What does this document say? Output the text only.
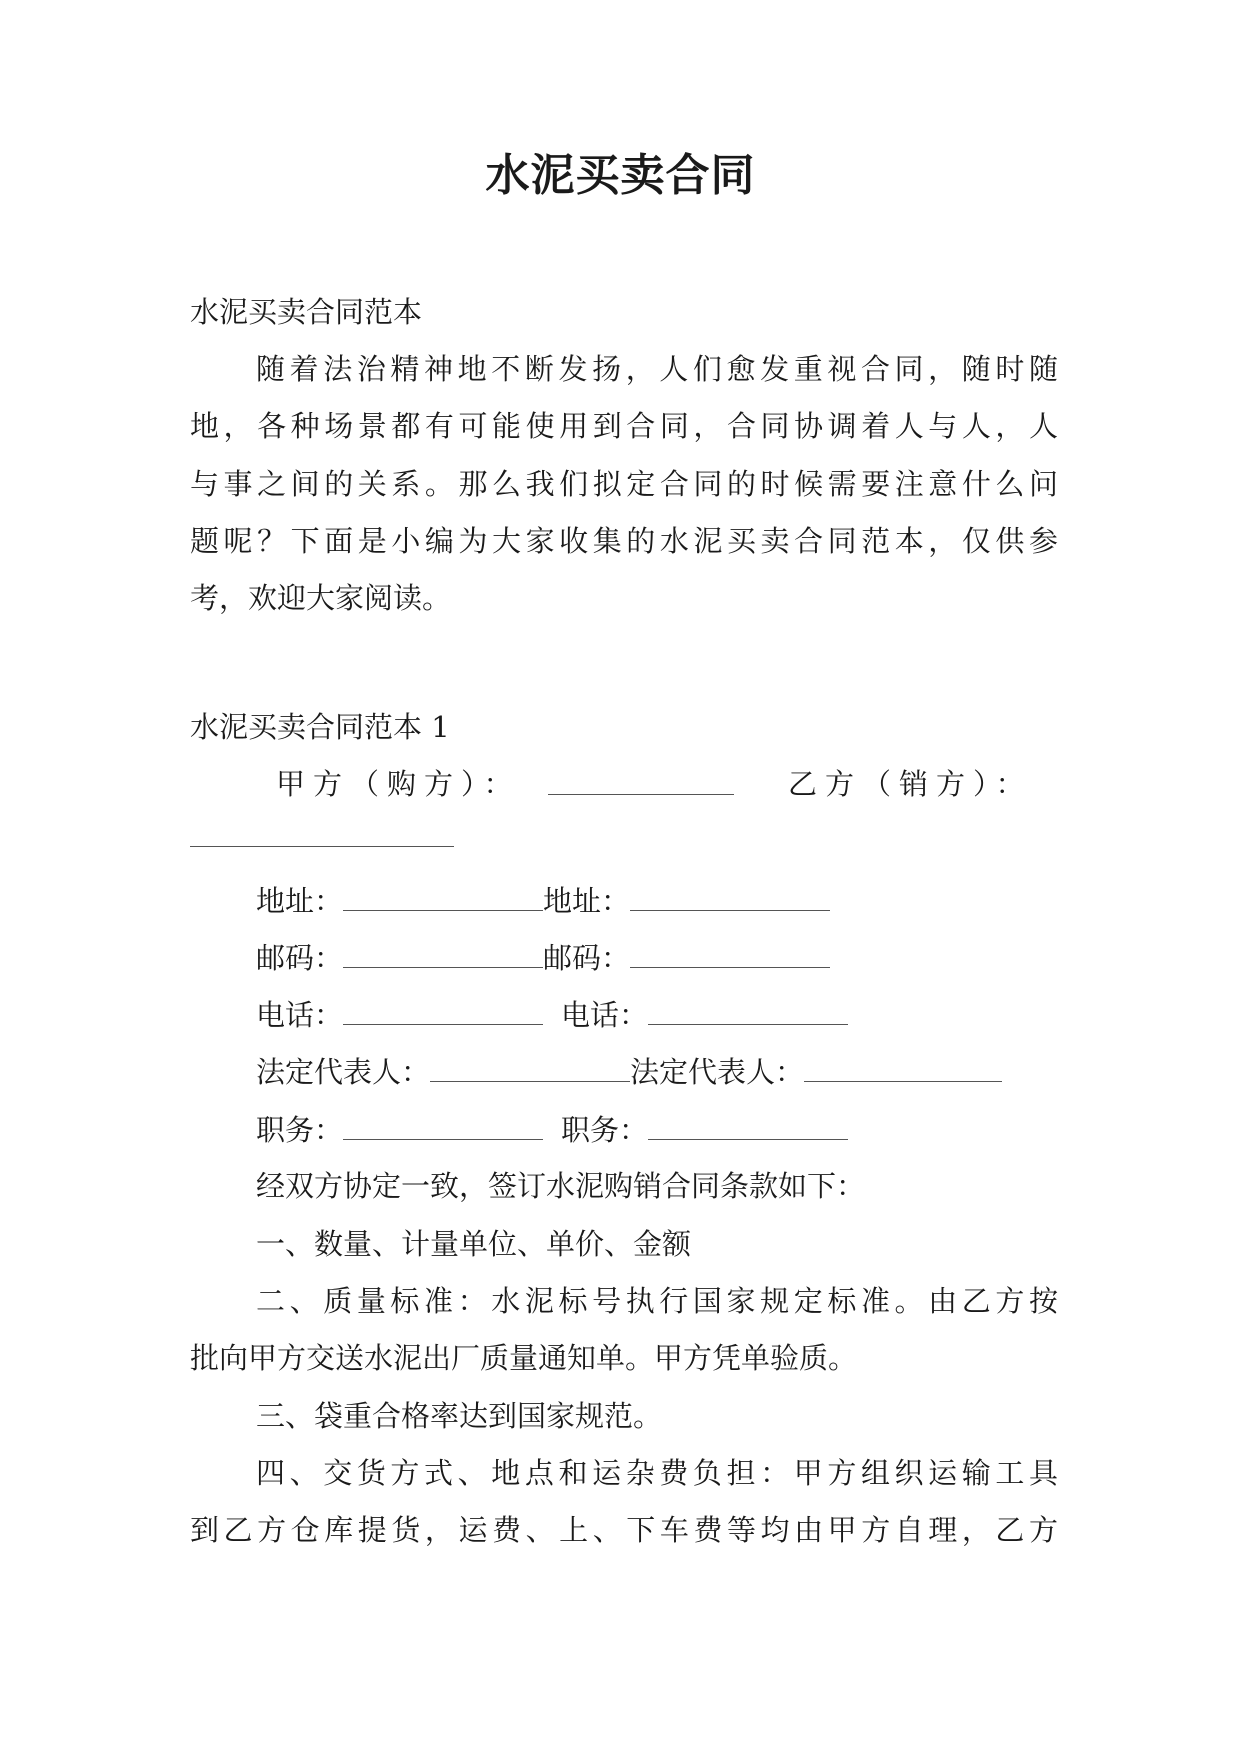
水泥买卖合同

水泥买卖合同范本

随着法治精神地不断发扬，人们愈发重视合同，随时随

地，各种场景都有可能使用到合同，合同协调着人与人，人

与事之间的关系。那么我们拟定合同的时候需要注意什么问

题呢？下面是小编为大家收集的水泥买卖合同范本，仅供参

考，欢迎大家阅读。

水泥买卖合同范本 1

甲方（购方）：	乙方（销方）：
地址：	地址：
邮码：	邮码：
电话：	电话：
法定代表人：	法定代表人：
职务：	职务：

经双方协定一致，签订水泥购销合同条款如下：

一、数量、计量单位、单价、金额

二、质量标准：水泥标号执行国家规定标准。由乙方按

批向甲方交送水泥出厂质量通知单。甲方凭单验质。

三、袋重合格率达到国家规范。

四、交货方式、地点和运杂费负担：甲方组织运输工具

到乙方仓库提货，运费、上、下车费等均由甲方自理，乙方
